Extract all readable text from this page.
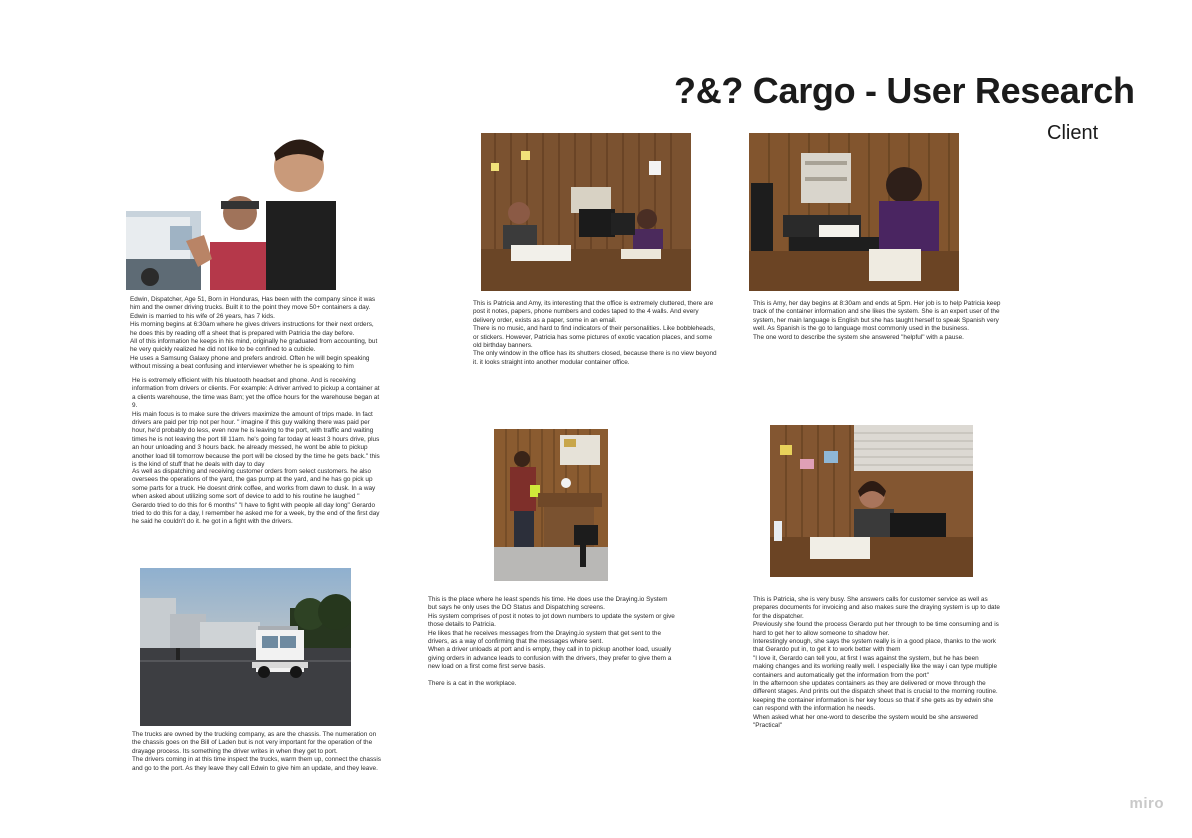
?&? Cargo - User Research
Client
Edwin, Dispatcher, Age 51, Born in Honduras, Has been with the company since it was him and the owner driving trucks. Built it to the point they move 50+ containers a day. Edwin is married to his wife of 26 years, has 7 kids.
His morning begins at 6:30am where he gives drivers instructions for their next orders, he does this by reading off a sheet that is prepared with Patricia the day before.
All of this information he keeps in his mind, originally he graduated from accounting, but he very quickly realized he did not like to be confined to a cubicle.
He uses a Samsung Galaxy phone and prefers android. Often he will begin speaking without missing a beat confusing and interviewer whether he is speaking to him
He is extremely efficient with his bluetooth headset and phone. And is receiving information from drivers or clients. For example: A driver arrived to pickup a container at a clients warehouse, the time was 8am; yet the office hours for the warehouse began at 9.
His main focus is to make sure the drivers maximize the amount of trips made. In fact drivers are paid per trip not per hour. " imagine if this guy walking there was paid per hour, he'd probably do less, even now he is leaving to the port, with traffic and waiting times he is not leaving the port till 11am. he's going far today at least 3 hours drive, plus an hour unloading and 3 hours back. he already messed, he wont be able to pickup another load till tomorrow because the port will be closed by the time he gets back." this is the kind of stuff that he deals with day to day
As well as dispatching and receiving customer orders from select customers. he also oversees the operations of the yard, the gas pump at the yard, and he has go pick up some parts for a truck. He doesnt drink coffee, and works from dawn to dusk. In a way when asked about utilizing some sort of device to add to his routine he laughed " Gerardo tried to do this for 6 months" "I have to fight with people all day long" Gerardo tried to do this for a day, I remember he asked me for a week, by the end of the first day he said he couldn't do it. he got in a fight with the drivers.
This is Patricia and Amy, its interesting that the office is extremely cluttered, there are post it notes, papers, phone numbers and codes taped to the 4 walls. And every delivery order, exists as a paper, some in an email.
There is no music, and hard to find indicators of their personalities. Like bobbleheads, or stickers. However, Patricia has some pictures of exotic vacation places, and some old birthday banners.
The only window in the office has its shutters closed, because there is no view beyond it. it looks straight into another modular container office.
This is Amy, her day begins at 8:30am and ends at 5pm. Her job is to help Patricia keep track of the container information and she likes the system. She is an expert user of the system, her main language is English but she has taught herself to speak Spanish very well. As Spanish is the go to language most commonly used in the business.
The one word to describe the system she answered "helpful" with a pause.
This is the place where he least spends his time. He does use the Draying.io System but says he only uses the DO Status and Dispatching screens.
His system comprises of post it notes to jot down numbers to update the system or give those details to Patricia.
He likes that he receives messages from the Draying.io system that get sent to the drivers, as a way of confirming that the messages where sent.
When a driver unloads at port and is empty, they call in to pickup another load, usually giving orders in advance leads to confusion with the drivers, they prefer to give them a new load on a first come first serve basis.

There is a cat in the workplace.
This is Patricia, she is very busy. She answers calls for customer service as well as prepares documents for invoicing and also makes sure the draying system is up to date for the dispatcher.
Previously she found the process Gerardo put her through to be time consuming and is hard to get her to allow someone to shadow her.
Interestingly enough, she says the system really is in a good place, thanks to the work that Gerardo put in, to get it to work better with them
"I love it, Gerardo can tell you, at first I was against the system, but he has been making changes and its working really well. I especially like the way i can type multiple containers and automatically get the information from the port"
In the afternoon she updates containers as they are delivered or move through the different stages. And prints out the dispatch sheet that is crucial to the morning routine.
keeping the container information is her key focus so that if she gets as by edwin she can respond with the information he needs.
When asked what her one-word to describe the system would be she answered "Practical"
The trucks are owned by the trucking company, as are the chassis. The numeration on the chassis goes on the Bill of Laden but is not very important for the operation of the drayage process. Its something the driver writes in when they get to port.
The drivers coming in at this time inspect the trucks, warm them up, connect the chassis and go to the port. As they leave they call Edwin to give him an update, and they leave.
miro
